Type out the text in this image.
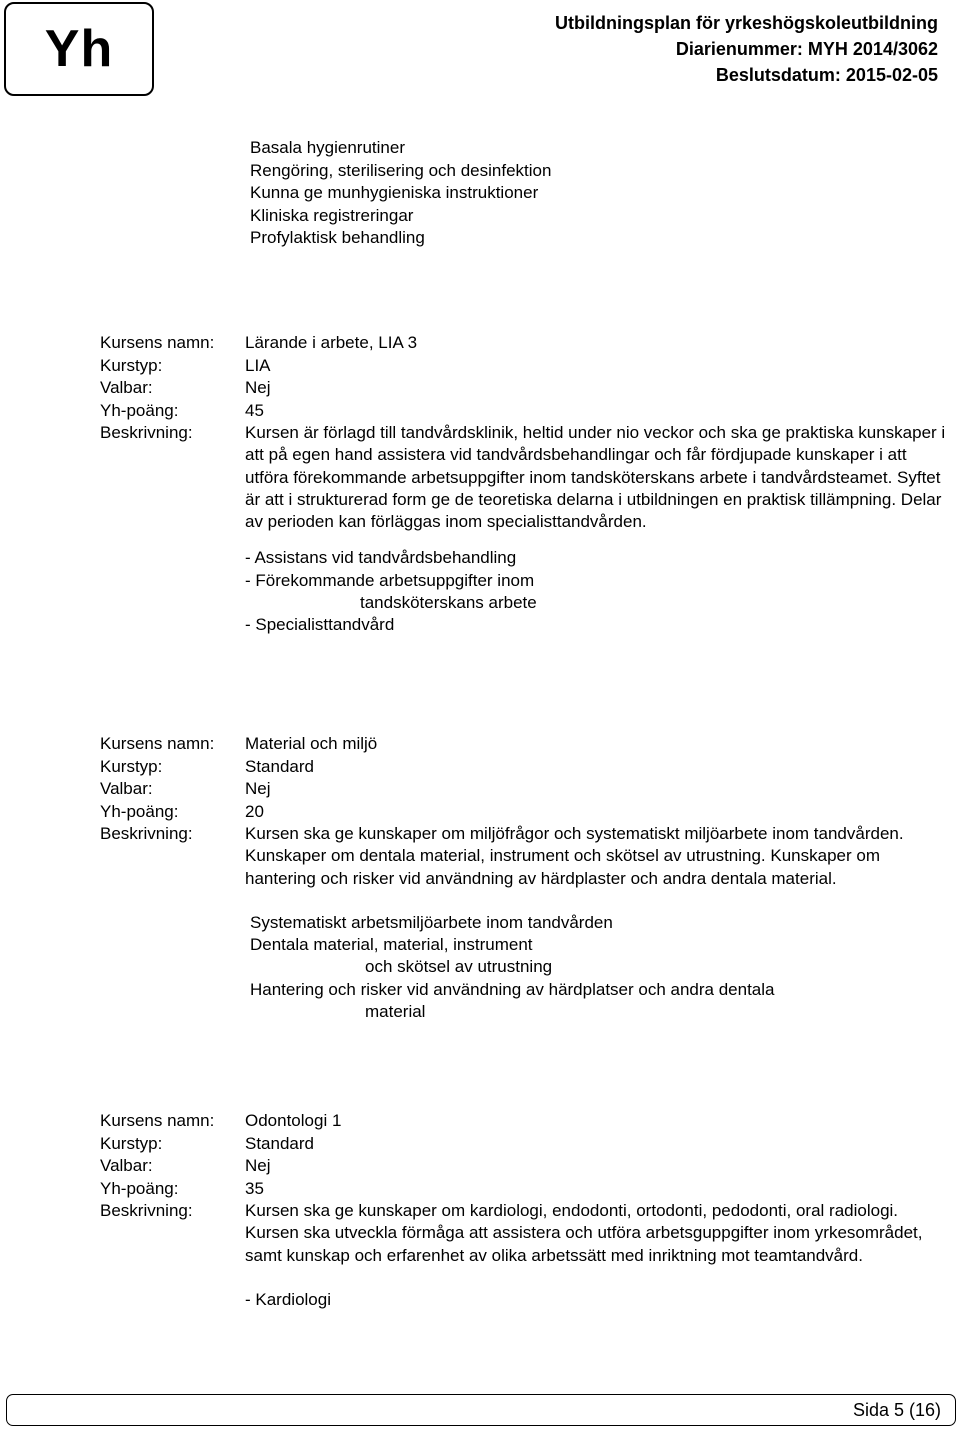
Yh	Utbildningsplan för yrkeshögskoleutbildning
Diarienummer: MYH 2014/3062
Beslutsdatum: 2015-02-05
Basala hygienrutiner
Rengöring, sterilisering och desinfektion
Kunna ge munhygieniska instruktioner
Kliniska registreringar
Profylaktisk behandling
Kursens namn:	Lärande i arbete, LIA 3
Kurstyp:	LIA
Valbar:	Nej
Yh-poäng:	45
Beskrivning:	Kursen är förlagd till tandvårdsklinik, heltid under nio veckor och ska ge praktiska kunskaper i att på egen hand assistera vid tandvårdsbehandlingar och får fördjupade kunskaper i att utföra förekommande arbetsuppgifter inom tandsköterskans arbete i tandvårdsteamet. Syftet är att i strukturerad form ge de teoretiska delarna i utbildningen en praktisk tillämpning. Delar av perioden kan förläggas inom specialisttandvården.
- Assistans vid tandvårdsbehandling
- Förekommande arbetsuppgifter inom
tandsköterskans arbete
- Specialisttandvård
Kursens namn:	Material och miljö
Kurstyp:	Standard
Valbar:	Nej
Yh-poäng:	20
Beskrivning:	Kursen ska ge kunskaper om miljöfrågor och systematiskt miljöarbete inom tandvården. Kunskaper om dentala material, instrument och skötsel av utrustning. Kunskaper om hantering och risker vid användning av härdplaster och andra dentala material.
Systematiskt arbetsmiljöarbete inom tandvården
Dentala material, material, instrument
och skötsel av utrustning
Hantering och risker vid användning av härdplatser och andra dentala
material
Kursens namn:	Odontologi 1
Kurstyp:	Standard
Valbar:	Nej
Yh-poäng:	35
Beskrivning:	Kursen ska ge kunskaper om kardiologi, endodonti, ortodonti, pedodonti, oral radiologi. Kursen ska utveckla förmåga att assistera och utföra arbetsguppgifter inom yrkesområdet, samt kunskap och erfarenhet av olika arbetssätt med inriktning mot teamtandvård.
- Kardiologi
Sida 5 (16)
